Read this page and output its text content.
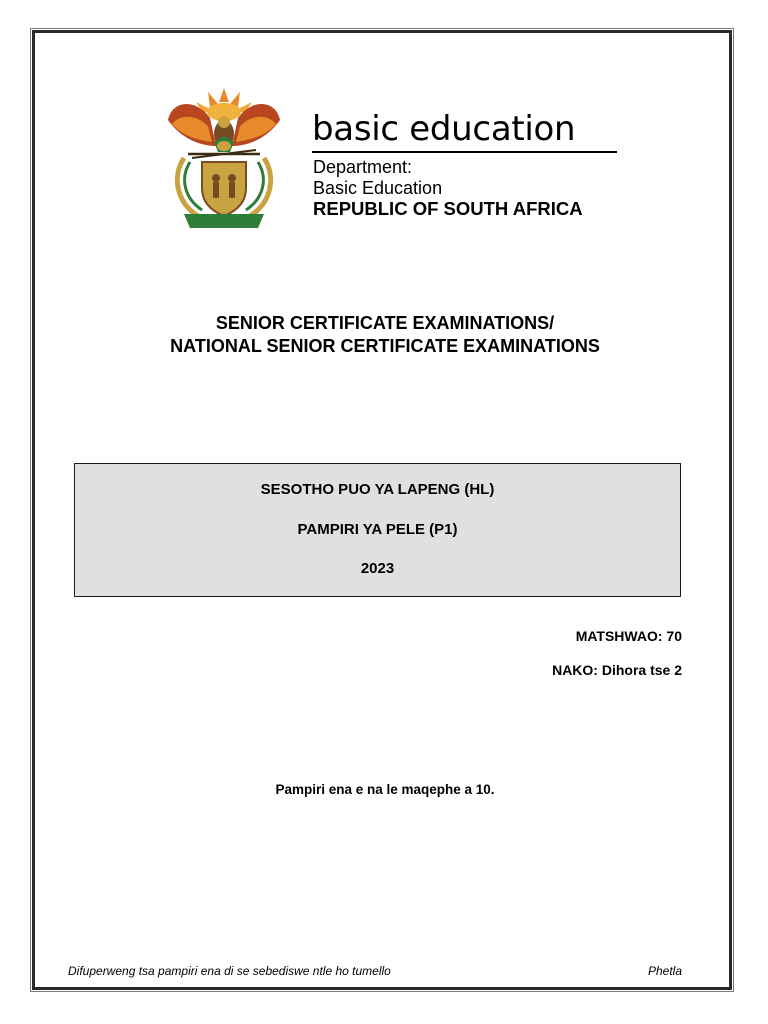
basic education
Department:
Basic Education
REPUBLIC OF SOUTH AFRICA
SENIOR CERTIFICATE EXAMINATIONS/
NATIONAL SENIOR CERTIFICATE EXAMINATIONS
SESOTHO PUO YA LAPENG (HL)
PAMPIRI YA PELE (P1)
2023
MATSHWAO: 70
NAKO: Dihora tse 2
Pampiri ena e na le maqephe a 10.
Difuperweng tsa pampiri ena di se sebediswe ntle ho tumello	Phetla
